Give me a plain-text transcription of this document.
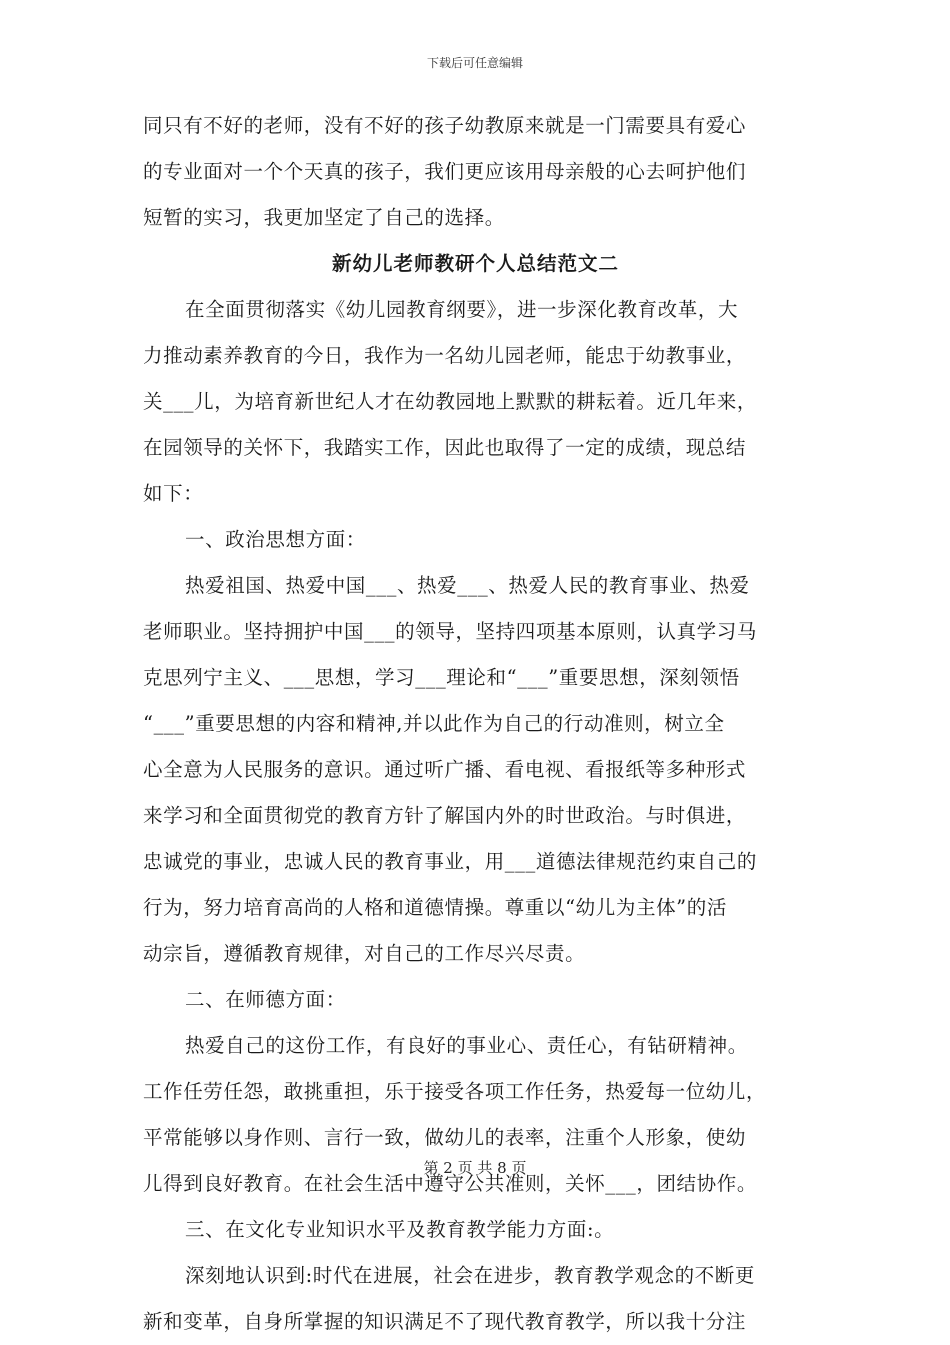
下载后可任意编辑
同只有不好的老师，没有不好的孩子幼教原来就是一门需要具有爱心
的专业面对一个个天真的孩子，我们更应该用母亲般的心去呵护他们
短暂的实习，我更加坚定了自己的选择。
新幼儿老师教研个人总结范文二
在全面贯彻落实《幼儿园教育纲要》，进一步深化教育改革，大
力推动素养教育的今日，我作为一名幼儿园老师，能忠于幼教事业，
关___儿，为培育新世纪人才在幼教园地上默默的耕耘着。近几年来，
在园领导的关怀下，我踏实工作，因此也取得了一定的成绩，现总结
如下：
一、政治思想方面：
热爱祖国、热爱中国___、热爱___、热爱人民的教育事业、热爱
老师职业。坚持拥护中国___的领导，坚持四项基本原则，认真学习马
克思列宁主义、___思想，学习___理论和“___”重要思想，深刻领悟
“___”重要思想的内容和精神,并以此作为自己的行动准则，树立全
心全意为人民服务的意识。通过听广播、看电视、看报纸等多种形式
来学习和全面贯彻党的教育方针了解国内外的时世政治。与时俱进，
忠诚党的事业，忠诚人民的教育事业，用___道德法律规范约束自己的
行为，努力培育高尚的人格和道德情操。尊重以“幼儿为主体”的活
动宗旨，遵循教育规律，对自己的工作尽兴尽责。
二、在师德方面：
热爱自己的这份工作，有良好的事业心、责任心，有钻研精神。
工作任劳任怨，敢挑重担，乐于接受各项工作任务，热爱每一位幼儿，
平常能够以身作则、言行一致，做幼儿的表率，注重个人形象，使幼
儿得到良好教育。在社会生活中遵守公共准则，关怀___，团结协作。
三、在文化专业知识水平及教育教学能力方面:。
深刻地认识到:时代在进展，社会在进步，教育教学观念的不断更
新和变革，自身所掌握的知识满足不了现代教育教学，所以我十分注
第 2 页 共 8 页
